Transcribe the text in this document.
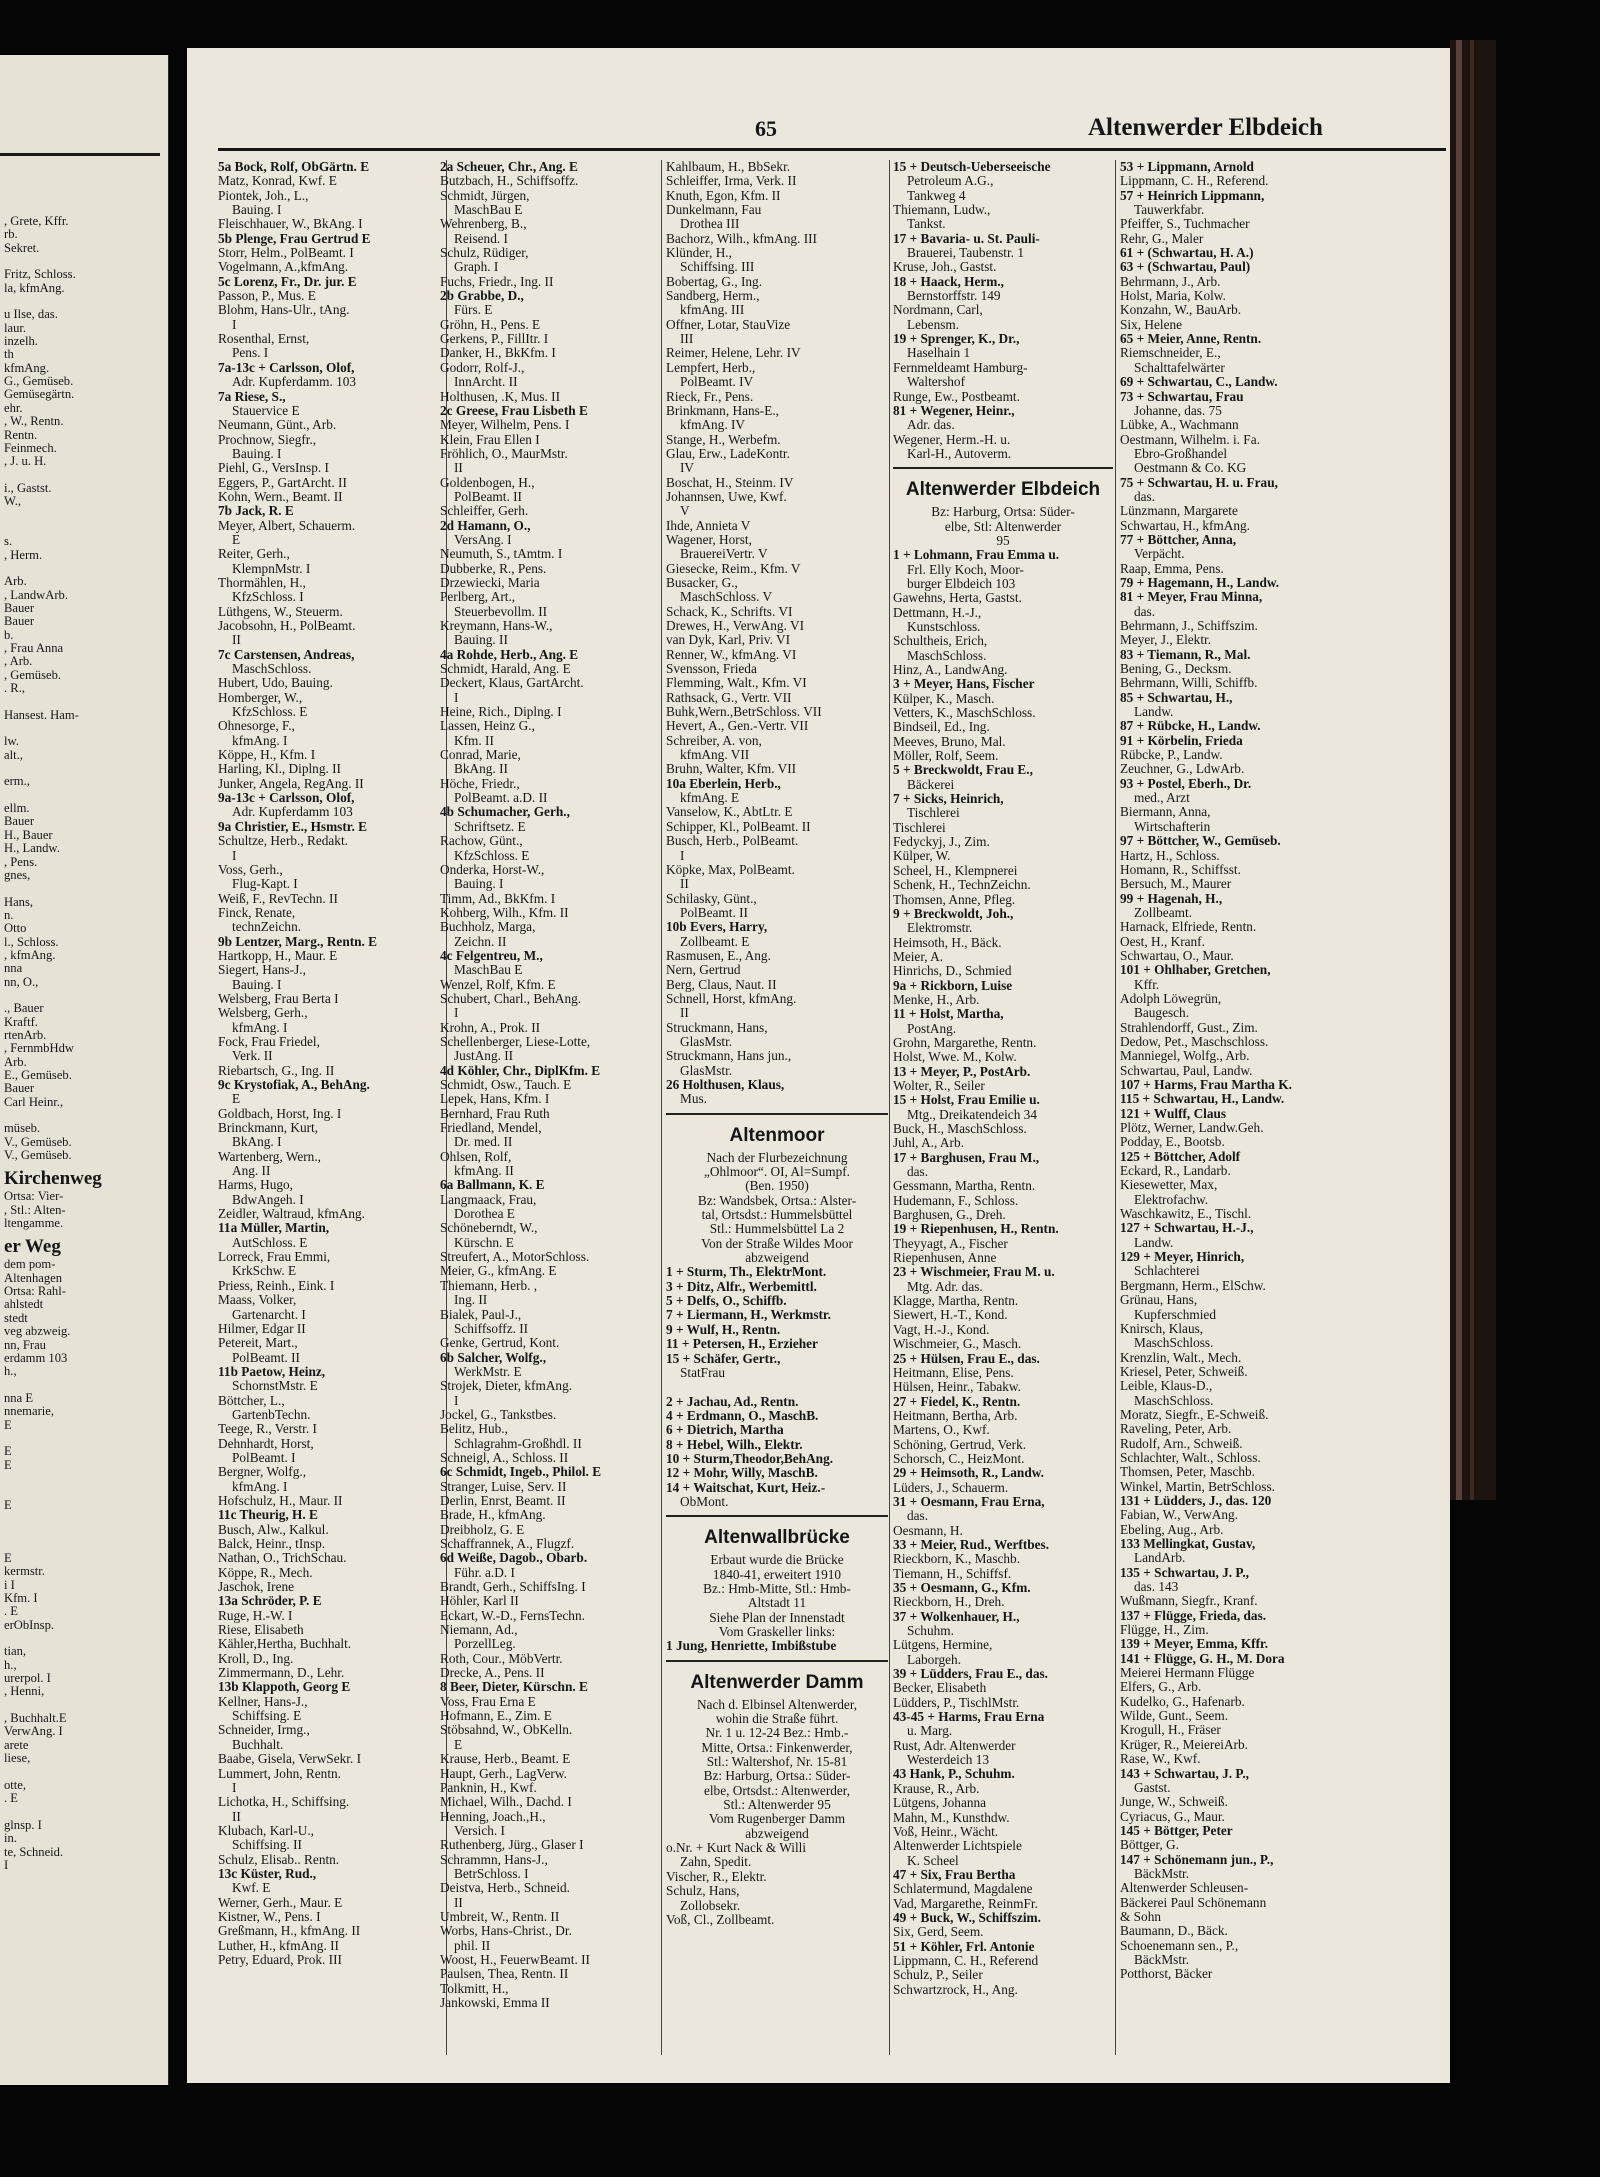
, Grete, Kffr.
rb.
Sekret.

Fritz, Schloss.
la, kfmAng.

u Ilse, das.
laur.
inzelh.
th
kfmAng.
G., Gemüseb.
Gemüsegärtn.
ehr.
, W., Rentn.
Rentn.
Feinmech.
, J. u. H.

i., Gastst.
W.,

s.
, Herm.

Arb.
, LandwArb.
Bauer
Bauer
b.
, Frau Anna
, Arb.
, Gemüseb.
. R.,

Hansest. Ham-

lw.
alt.,

erm.,

ellm.
Bauer
H., Bauer
H., Landw.
, Pens.
gnes,

Hans,
n.
Otto
l., Schloss.
, kfmAng.
nna
nn, O.,

., Bauer
Kraftf.
rtenArb.
, FernmbHdw
Arb.
E., Gemüseb.
Bauer
Carl Heinr.,

müseb.
V., Gemüseb.
V., Gemüseb.
Kirchenweg
Ortsa: Vier-
, Stl.: Alten-
ltengamme.
er Weg
dem pom-
Altenhagen
Ortsa: Rahl-
ahlstedt
stedt
veg abzweig.
nn, Frau
erdamm 103
h.,

nna E
nnemarie,
E

E
E

E

E
kermstr.
i I
Kfm. I
. E
erObInsp.

tian,
h.,
urerpol. I
, Henni,

, Buchhalt.E
VerwAng. I
arete
liese,

otte,
. E

glnsp. I
in.
te, Schneid.
I
65	Altenwerder Elbdeich
5a Bock, Rolf, ObGärtn. E
Matz, Konrad, Kwf. E
Piontek, Joh., L.,
Bauing. I
Fleischhauer, W., BkAng. I
5b Plenge, Frau Gertrud E
Storr, Helm., PolBeamt. I
Vogelmann, A.,kfmAng.
5c Lorenz, Fr., Dr. jur. E
Passon, P., Mus. E
Blohm, Hans-Ulr., tAng.
I
Rosenthal, Ernst,
Pens. I
7a-13c + Carlsson, Olof,
Adr. Kupferdamm. 103
7a Riese, S.,
Stauervice E
Neumann, Günt., Arb.
Prochnow, Siegfr.,
Bauing. I
Piehl, G., VersInsp. I
Eggers, P., GartArcht. II
Kohn, Wern., Beamt. II
7b Jack, R. E
Meyer, Albert, Schauerm.
E
Reiter, Gerh.,
KlempnMstr. I
Thormählen, H.,
KfzSchloss. I
Lüthgens, W., Steuerm.
Jacobsohn, H., PolBeamt.
II
7c Carstensen, Andreas,
MaschSchloss.
Hubert, Udo, Bauing.
Homberger, W.,
KfzSchloss. E
Ohnesorge, F.,
kfmAng. I
Köppe, H., Kfm. I
Harling, Kl., Diplng. II
Junker, Angela, RegAng. II
9a-13c + Carlsson, Olof,
Adr. Kupferdamm 103
9a Christier, E., Hsmstr. E
Schultze, Herb., Redakt.
I
Voss, Gerh.,
Flug-Kapt. I
Weiß, F., RevTechn. II
Finck, Renate,
technZeichn.
9b Lentzer, Marg., Rentn. E
Hartkopp, H., Maur. E
Siegert, Hans-J.,
Bauing. I
Welsberg, Frau Berta I
Welsberg, Gerh.,
kfmAng. I
Fock, Frau Friedel,
Verk. II
Riebartsch, G., Ing. II
9c Krystofiak, A., BehAng.
E
Goldbach, Horst, Ing. I
Brinckmann, Kurt,
BkAng. I
Wartenberg, Wern.,
Ang. II
Harms, Hugo,
BdwAngeh. I
Zeidler, Waltraud, kfmAng.
11a Müller, Martin,
AutSchloss. E
Lorreck, Frau Emmi,
KrkSchw. E
Priess, Reinh., Eink. I
Maass, Volker,
Gartenarcht. I
Hilmer, Edgar II
Petereit, Mart.,
PolBeamt. II
11b Paetow, Heinz,
SchornstMstr. E
Böttcher, L.,
GartenbTechn.
Teege, R., Verstr. I
Dehnhardt, Horst,
PolBeamt. I
Bergner, Wolfg.,
kfmAng. I
Hofschulz, H., Maur. II
11c Theurig, H. E
Busch, Alw., Kalkul.
Balck, Heinr., tInsp.
Nathan, O., TrichSchau.
Köppe, R., Mech.
Jaschok, Irene
13a Schröder, P. E
Ruge, H.-W. I
Riese, Elisabeth
Kähler,Hertha, Buchhalt.
Kroll, D., Ing.
Zimmermann, D., Lehr.
13b Klappoth, Georg E
Kellner, Hans-J.,
Schiffsing. E
Schneider, Irmg.,
Buchhalt.
Baabe, Gisela, VerwSekr. I
Lummert, John, Rentn.
I
Lichotka, H., Schiffsing.
II
Klubach, Karl-U.,
Schiffsing. II
Schulz, Elisab.. Rentn.
13c Küster, Rud.,
Kwf. E
Werner, Gerh., Maur. E
Kistner, W., Pens. I
Greßmann, H., kfmAng. II
Luther, H., kfmAng. II
Petry, Eduard, Prok. III
2a Scheuer, Chr., Ang. E
Butzbach, H., Schiffsoffz.
Schmidt, Jürgen,
MaschBau E
Wehrenberg, B.,
Reisend. I
Schulz, Rüdiger,
Graph. I
Fuchs, Friedr., Ing. II
2b Grabbe, D.,
Fürs. E
Gröhn, H., Pens. E
Gerkens, P., FillItr. I
Danker, H., BkKfm. I
Godorr, Rolf-J.,
InnArcht. II
Holthusen, .K, Mus. II
2c Greese, Frau Lisbeth E
Meyer, Wilhelm, Pens. I
Klein, Frau Ellen I
Fröhlich, O., MaurMstr.
II
Goldenbogen, H.,
PolBeamt. II
Schleiffer, Gerh.
2d Hamann, O.,
VersAng. I
Neumuth, S., tAmtm. I
Dubberke, R., Pens.
Drzewiecki, Maria
Perlberg, Art.,
Steuerbevollm. II
Kreymann, Hans-W.,
Bauing. II
4a Rohde, Herb., Ang. E
Schmidt, Harald, Ang. E
Deckert, Klaus, GartArcht.
I
Heine, Rich., Diplng. I
Lassen, Heinz G.,
Kfm. II
Conrad, Marie,
BkAng. II
Höche, Friedr.,
PolBeamt. a.D. II
4b Schumacher, Gerh.,
Schriftsetz. E
Rachow, Günt.,
KfzSchloss. E
Onderka, Horst-W.,
Bauing. I
Timm, Ad., BkKfm. I
Kohberg, Wilh., Kfm. II
Buchholz, Marga,
Zeichn. II
4c Felgentreu, M.,
MaschBau E
Wenzel, Rolf, Kfm. E
Schubert, Charl., BehAng.
I
Krohn, A., Prok. II
Schellenberger, Liese-Lotte,
JustAng. II
4d Köhler, Chr., DiplKfm. E
Schmidt, Osw., Tauch. E
Lepek, Hans, Kfm. I
Bernhard, Frau Ruth
Friedland, Mendel,
Dr. med. II
Ohlsen, Rolf,
kfmAng. II
6a Ballmann, K. E
Langmaack, Frau,
Dorothea E
Schöneberndt, W.,
Kürschn. E
Streufert, A., MotorSchloss.
Meier, G., kfmAng. E
Thiemann, Herb. ,
Ing. II
Bialek, Paul-J.,
Schiffsoffz. II
Genke, Gertrud, Kont.
6b Salcher, Wolfg.,
WerkMstr. E
Strojek, Dieter, kfmAng.
I
Jockel, G., Tankstbes.
Belitz, Hub.,
Schlagrahm-Großhdl. II
Schneigl, A., Schloss. II
6c Schmidt, Ingeb., Philol. E
Stranger, Luise, Serv. II
Derlin, Enrst, Beamt. II
Brade, H., kfmAng.
Dreibholz, G. E
Schaffrannek, A., Flugzf.
6d Weiße, Dagob., Obarb.
Führ. a.D. I
Brandt, Gerh., SchiffsIng. I
Höhler, Karl II
Eckart, W.-D., FernsTechn.
Niemann, Ad.,
PorzellLeg.
Roth, Cour., MöbVertr.
Drecke, A., Pens. II
8 Beer, Dieter, Kürschn. E
Voss, Frau Erna E
Hofmann, E., Zim. E
Stöbsahnd, W., ObKelln.
E
Krause, Herb., Beamt. E
Haupt, Gerh., LagVerw.
Panknin, H., Kwf.
Michael, Wilh., Dachd. I
Henning, Joach.,H.,
Versich. I
Ruthenberg, Jürg., Glaser I
Schrammn, Hans-J.,
BetrSchloss. I
Deistva, Herb., Schneid.
II
Umbreit, W., Rentn. II
Worbs, Hans-Christ., Dr.
phil. II
Woost, H., FeuerwBeamt. II
Paulsen, Thea, Rentn. II
Tolkmitt, H.,
Jankowski, Emma II
Kahlbaum, H., BbSekr.
Schleiffer, Irma, Verk. II
Knuth, Egon, Kfm. II
Dunkelmann, Fau
Drothea III
Bachorz, Wilh., kfmAng. III
Klünder, H.,
Schiffsing. III
Bobertag, G., Ing.
Sandberg, Herm.,
kfmAng. III
Offner, Lotar, StauVize
III
Reimer, Helene, Lehr. IV
Lempfert, Herb.,
PolBeamt. IV
Rieck, Fr., Pens.
Brinkmann, Hans-E.,
kfmAng. IV
Stange, H., Werbefm.
Glau, Erw., LadeKontr.
IV
Boschat, H., Steinm. IV
Johannsen, Uwe, Kwf.
V
Ihde, Annieta V
Wagener, Horst,
BrauereiVertr. V
Giesecke, Reim., Kfm. V
Busacker, G.,
MaschSchloss. V
Schack, K., Schrifts. VI
Drewes, H., VerwAng. VI
van Dyk, Karl, Priv. VI
Renner, W., kfmAng. VI
Svensson, Frieda
Flemming, Walt., Kfm. VI
Rathsack, G., Vertr. VII
Buhk,Wern.,BetrSchloss. VII
Hevert, A., Gen.-Vertr. VII
Schreiber, A. von,
kfmAng. VII
Bruhn, Walter, Kfm. VII
10a Eberlein, Herb.,
kfmAng. E
Vanselow, K., AbtLtr. E
Schipper, Kl., PolBeamt. II
Busch, Herb., PolBeamt.
I
Köpke, Max, PolBeamt.
II
Schilasky, Günt.,
PolBeamt. II
10b Evers, Harry,
Zollbeamt. E
Rasmusen, E., Ang.
Nern, Gertrud
Berg, Claus, Naut. II
Schnell, Horst, kfmAng.
II
Struckmann, Hans,
GlasMstr.
Struckmann, Hans jun.,
GlasMstr.
26 Holthusen, Klaus,
Mus.
Altenmoor
Nach der Flurbezeichnung
„Ohlmoor“. OI, Al=Sumpf.
(Ben. 1950)
Bz: Wandsbek, Ortsa.: Alster-
tal, Ortsdst.: Hummelsbüttel
Stl.: Hummelsbüttel La 2
Von der Straße Wildes Moor
abzweigend
1 + Sturm, Th., ElektrMont.
3 + Ditz, Alfr., Werbemittl.
5 + Delfs, O., Schiffb.
7 + Liermann, H., Werkmstr.
9 + Wulf, H., Rentn.
11 + Petersen, H., Erzieher
15 + Schäfer, Gertr.,
StatFrau

2 + Jachau, Ad., Rentn.
4 + Erdmann, O., MaschB.
6 + Dietrich, Martha
8 + Hebel, Wilh., Elektr.
10 + Sturm,Theodor,BehAng.
12 + Mohr, Willy, MaschB.
14 + Waitschat, Kurt, Heiz.-
ObMont.
Altenwallbrücke
Erbaut wurde die Brücke
1840-41, erweitert 1910
Bz.: Hmb-Mitte, Stl.: Hmb-
Altstadt 11
Siehe Plan der Innenstadt
Vom Graskeller links:
1 Jung, Henriette, Imbißstube
Altenwerder Damm
Nach d. Elbinsel Altenwerder,
wohin die Straße führt.
Nr. 1 u. 12-24 Bez.: Hmb.-
Mitte, Ortsa.: Finkenwerder,
Stl.: Waltershof, Nr. 15-81
Bz: Harburg, Ortsa.: Süder-
elbe, Ortsdst.: Altenwerder,
Stl.: Altenwerder 95
Vom Rugenberger Damm
abzweigend
o.Nr. + Kurt Nack & Willi
Zahn, Spedit.
Vischer, R., Elektr.
Schulz, Hans,
Zollobsekr.
Voß, Cl., Zollbeamt.
15 + Deutsch-Ueberseeische
Petroleum A.G.,
Tankweg 4
Thiemann, Ludw.,
Tankst.
17 + Bavaria- u. St. Pauli-
Brauerei, Taubenstr. 1
Kruse, Joh., Gastst.
18 + Haack, Herm.,
Bernstorffstr. 149
Nordmann, Carl,
Lebensm.
19 + Sprenger, K., Dr.,
Haselhain 1
Fernmeldeamt Hamburg-
Waltershof
Runge, Ew., Postbeamt.
81 + Wegener, Heinr.,
Adr. das.
Wegener, Herm.-H. u.
Karl-H., Autoverm.
Altenwerder Elbdeich
Bz: Harburg, Ortsa: Süder-
elbe, Stl: Altenwerder
95
1 + Lohmann, Frau Emma u.
Frl. Elly Koch, Moor-
burger Elbdeich 103
Gawehns, Herta, Gastst.
Dettmann, H.-J.,
Kunstschloss.
Schultheis, Erich,
MaschSchloss.
Hinz, A., LandwAng.
3 + Meyer, Hans, Fischer
Külper, K., Masch.
Vetters, K., MaschSchloss.
Bindseil, Ed., Ing.
Meeves, Bruno, Mal.
Möller, Rolf, Seem.
5 + Breckwoldt, Frau E.,
Bäckerei
7 + Sicks, Heinrich,
Tischlerei
Tischlerei
Fedyckyj, J., Zim.
Külper, W.
Scheel, H., Klempnerei
Schenk, H., TechnZeichn.
Thomsen, Anne, Pfleg.
9 + Breckwoldt, Joh.,
Elektromstr.
Heimsoth, H., Bäck.
Meier, A.
Hinrichs, D., Schmied
9a + Rickborn, Luise
Menke, H., Arb.
11 + Holst, Martha,
PostAng.
Grohn, Margarethe, Rentn.
Holst, Wwe. M., Kolw.
13 + Meyer, P., PostArb.
Wolter, R., Seiler
15 + Holst, Frau Emilie u.
Mtg., Dreikatendeich 34
Buck, H., MaschSchloss.
Juhl, A., Arb.
17 + Barghusen, Frau M.,
das.
Gessmann, Martha, Rentn.
Hudemann, F., Schloss.
Barghusen, G., Dreh.
19 + Riepenhusen, H., Rentn.
Theyyagt, A., Fischer
Riepenhusen, Anne
23 + Wischmeier, Frau M. u.
Mtg. Adr. das.
Klagge, Martha, Rentn.
Siewert, H.-T., Kond.
Vagt, H.-J., Kond.
Wischmeier, G., Masch.
25 + Hülsen, Frau E., das.
Heitmann, Elise, Pens.
Hülsen, Heinr., Tabakw.
27 + Fiedel, K., Rentn.
Heitmann, Bertha, Arb.
Martens, O., Kwf.
Schöning, Gertrud, Verk.
Schorsch, C., HeizMont.
29 + Heimsoth, R., Landw.
Lüders, J., Schauerm.
31 + Oesmann, Frau Erna,
das.
Oesmann, H.
33 + Meier, Rud., Werftbes.
Rieckborn, K., Maschb.
Tiemann, H., Schiffsf.
35 + Oesmann, G., Kfm.
Rieckborn, H., Dreh.
37 + Wolkenhauer, H.,
Schuhm.
Lütgens, Hermine,
Laborgeh.
39 + Lüdders, Frau E., das.
Becker, Elisabeth
Lüdders, P., TischlMstr.
43-45 + Harms, Frau Erna
u. Marg.
Rust, Adr. Altenwerder
Westerdeich 13
43 Hank, P., Schuhm.
Krause, R., Arb.
Lütgens, Johanna
Mahn, M., Kunsthdw.
Voß, Heinr., Wächt.
Altenwerder Lichtspiele
K. Scheel
47 + Six, Frau Bertha
Schlatermund, Magdalene
Vad, Margarethe, ReinmFr.
49 + Buck, W., Schiffszim.
Six, Gerd, Seem.
51 + Köhler, Frl. Antonie
Lippmann, C. H., Referend
Schulz, P., Seiler
Schwartzrock, H., Ang.
53 + Lippmann, Arnold
Lippmann, C. H., Referend.
57 + Heinrich Lippmann,
Tauwerkfabr.
Pfeiffer, S., Tuchmacher
Rehr, G., Maler
61 + (Schwartau, H. A.)
63 + (Schwartau, Paul)
Behrmann, J., Arb.
Holst, Maria, Kolw.
Konzahn, W., BauArb.
Six, Helene
65 + Meier, Anne, Rentn.
Riemschneider, E.,
Schalttafelwärter
69 + Schwartau, C., Landw.
73 + Schwartau, Frau
Johanne, das. 75
Lübke, A., Wachmann
Oestmann, Wilhelm. i. Fa.
Ebro-Großhandel
Oestmann & Co. KG
75 + Schwartau, H. u. Frau,
das.
Lünzmann, Margarete
Schwartau, H., kfmAng.
77 + Böttcher, Anna,
Verpächt.
Raap, Emma, Pens.
79 + Hagemann, H., Landw.
81 + Meyer, Frau Minna,
das.
Behrmann, J., Schiffszim.
Meyer, J., Elektr.
83 + Tiemann, R., Mal.
Bening, G., Decksm.
Behrmann, Willi, Schiffb.
85 + Schwartau, H.,
Landw.
87 + Rübcke, H., Landw.
91 + Körbelin, Frieda
Rübcke, P., Landw.
Zeuchner, G., LdwArb.
93 + Postel, Eberh., Dr.
med., Arzt
Biermann, Anna,
Wirtschafterin
97 + Böttcher, W., Gemüseb.
Hartz, H., Schloss.
Homann, R., Schiffsst.
Bersuch, M., Maurer
99 + Hagenah, H.,
Zollbeamt.
Harnack, Elfriede, Rentn.
Oest, H., Kranf.
Schwartau, O., Maur.
101 + Ohlhaber, Gretchen,
Kffr.
Adolph Löwegrün,
Baugesch.
Strahlendorff, Gust., Zim.
Dedow, Pet., Maschschloss.
Manniegel, Wolfg., Arb.
Schwartau, Paul, Landw.
107 + Harms, Frau Martha K.
115 + Schwartau, H., Landw.
121 + Wulff, Claus
Plötz, Werner, Landw.Geh.
Podday, E., Bootsb.
125 + Böttcher, Adolf
Eckard, R., Landarb.
Kiesewetter, Max,
Elektrofachw.
Waschkawitz, E., Tischl.
127 + Schwartau, H.-J.,
Landw.
129 + Meyer, Hinrich,
Schlachterei
Bergmann, Herm., ElSchw.
Grünau, Hans,
Kupferschmied
Knirsch, Klaus,
MaschSchloss.
Krenzlin, Walt., Mech.
Kriesel, Peter, Schweiß.
Leible, Klaus-D.,
MaschSchloss.
Moratz, Siegfr., E-Schweiß.
Raveling, Peter, Arb.
Rudolf, Arn., Schweiß.
Schlachter, Walt., Schloss.
Thomsen, Peter, Maschb.
Winkel, Martin, BetrSchloss.
131 + Lüdders, J., das. 120
Fabian, W., VerwAng.
Ebeling, Aug., Arb.
133 Mellingkat, Gustav,
LandArb.
135 + Schwartau, J. P.,
das. 143
Wußmann, Siegfr., Kranf.
137 + Flügge, Frieda, das.
Flügge, H., Zim.
139 + Meyer, Emma, Kffr.
141 + Flügge, G. H., M. Dora
Meierei Hermann Flügge
Elfers, G., Arb.
Kudelko, G., Hafenarb.
Wilde, Gunt., Seem.
Krogull, H., Fräser
Krüger, R., MeiereiArb.
Rase, W., Kwf.
143 + Schwartau, J. P.,
Gastst.
Junge, W., Schweiß.
Cyriacus, G., Maur.
145 + Böttger, Peter
Böttger, G.
147 + Schönemann jun., P.,
BäckMstr.
Altenwerder Schleusen-
Bäckerei Paul Schönemann
& Sohn
Baumann, D., Bäck.
Schoenemann sen., P.,
BäckMstr.
Potthorst, Bäcker
